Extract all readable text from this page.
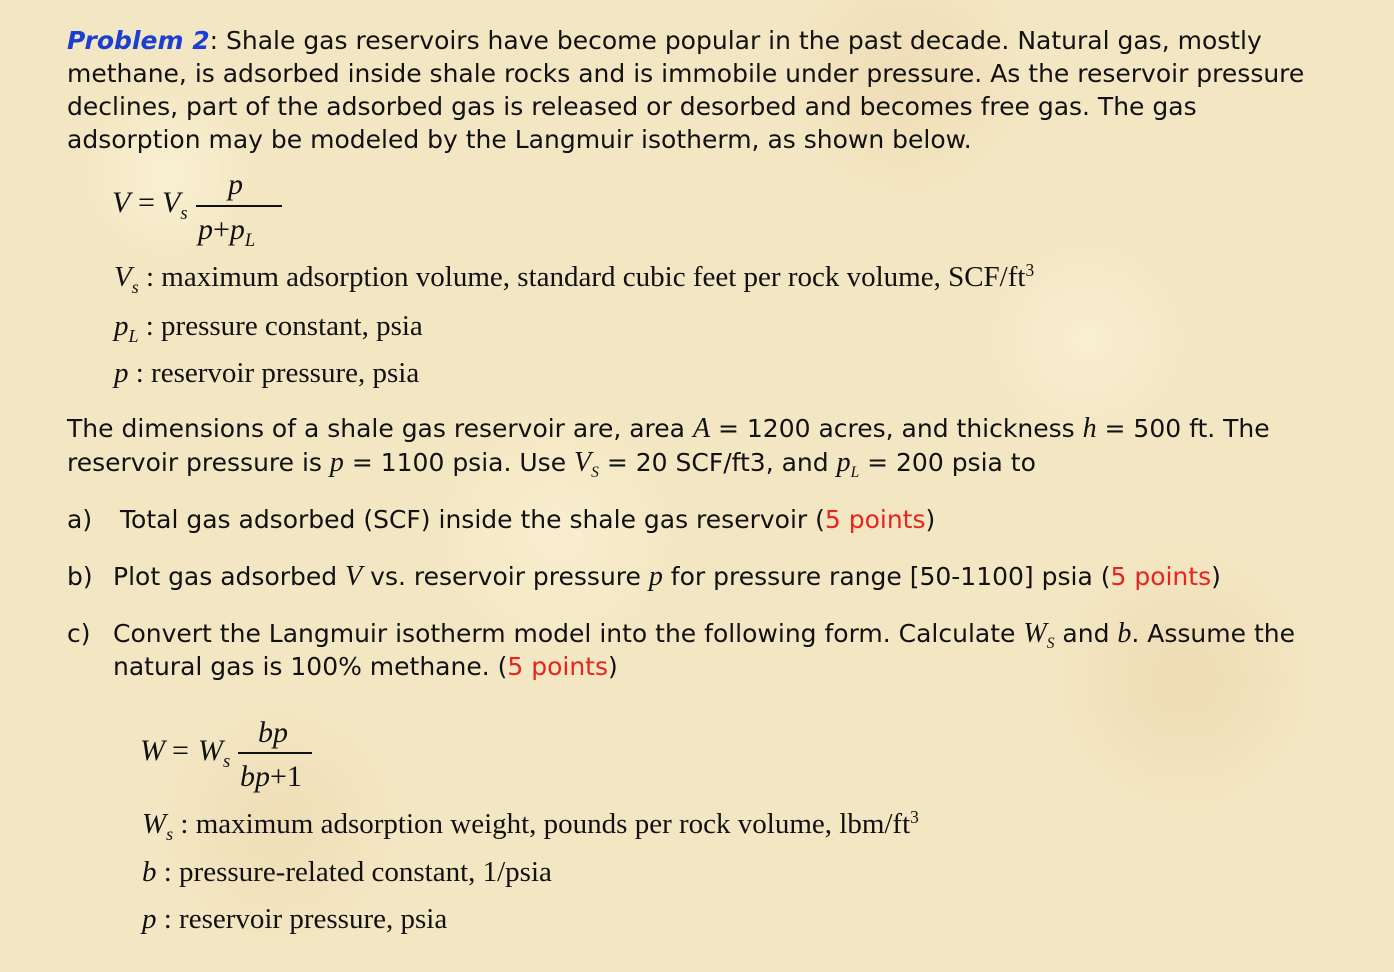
Problem 2: Shale gas reservoirs have become popular in the past decade. Natural gas, mostly
methane, is adsorbed inside shale rocks and is immobile under pressure. As the reservoir pressure
declines, part of the adsorbed gas is released or desorbed and becomes free gas. The gas
adsorption may be modeled by the Langmuir isotherm, as shown below.
$V = V_s$
p
$p+p_L$
$V_s$ : maximum adsorption volume, standard cubic feet per rock volume, SCF/$ft^3$
$p_L$ : pressure constant, psia
p : reservoir pressure, psia
The dimensions of a shale gas reservoir are, area A = 1200 acres, and thickness h = 500 ft. The
reservoir pressure is p = 1100 psia. Use $V_S = 20$ SCF/ft3, and $p_L = 200$ psia to
a) Total gas adsorbed (SCF) inside the shale gas reservoir (5 points)
b) Plot gas adsorbed V vs. reservoir pressure p for pressure range [50-1100] psia (5 points)
c) Convert the Langmuir isotherm model into the following form. Calculate $W_S$ and b. Assume the
natural gas is 100% methane. (5 points)
$W = W_s$
bp
bp+1
$W_s$ : maximum adsorption weight, pounds per rock volume, lbm/$ft^3$
b : pressure-related constant, 1/psia
p : reservoir pressure, psia
